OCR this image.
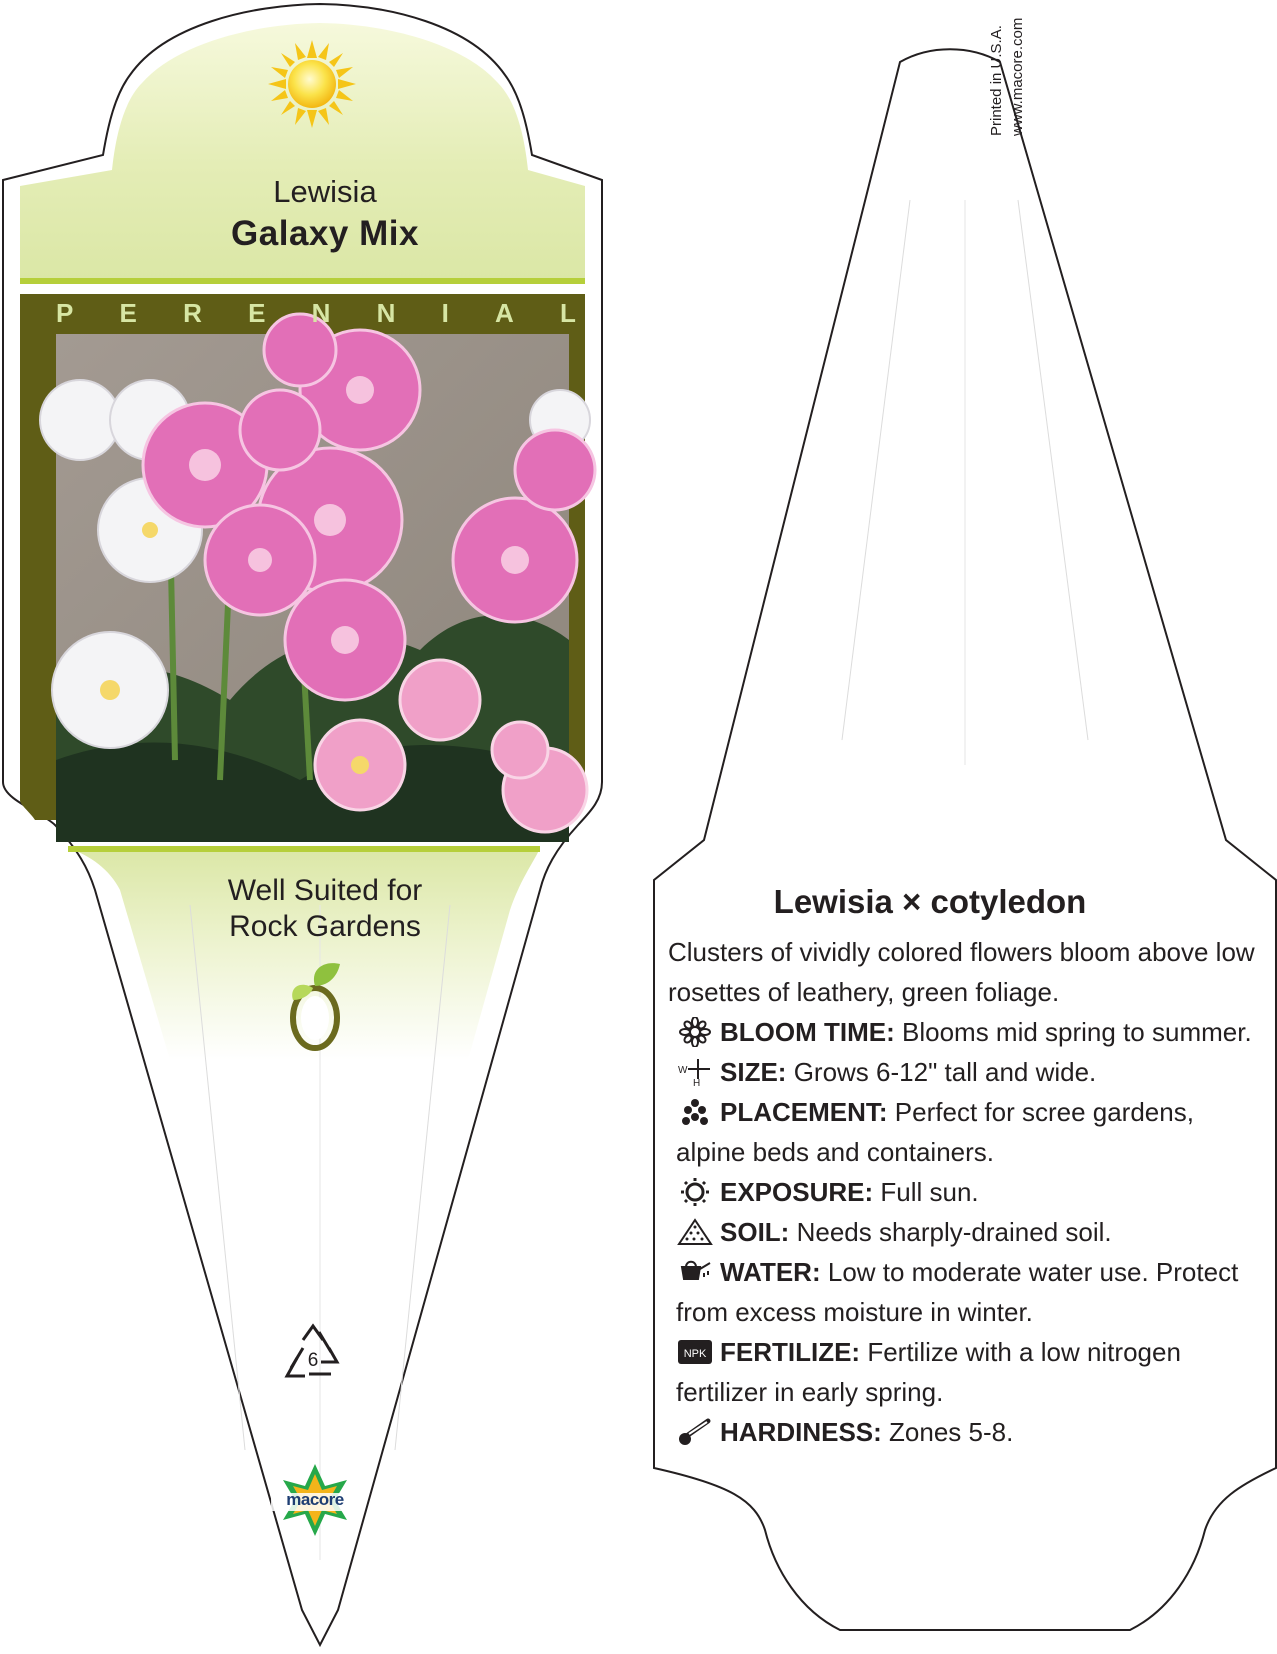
Lewisia
Galaxy Mix
P E R E N N I A L
Well Suited for
Rock Gardens
6
macore
Printed in U.S.A. www.macore.com
Lewisia × cotyledon

Clusters of vividly colored flowers bloom above low rosettes of leathery, green foliage.

BLOOM TIME: Blooms mid spring to summer.

W
H SIZE: Grows 6-12" tall and wide.

PLACEMENT: Perfect for scree gardens, alpine beds and containers.

EXPOSURE: Full sun.

SOIL: Needs sharply-drained soil.

WATER: Low to moderate water use. Protect from excess moisture in winter.

NPK FERTILIZE: Fertilize with a low nitrogen fertilizer in early spring.

HARDINESS: Zones 5-8.
